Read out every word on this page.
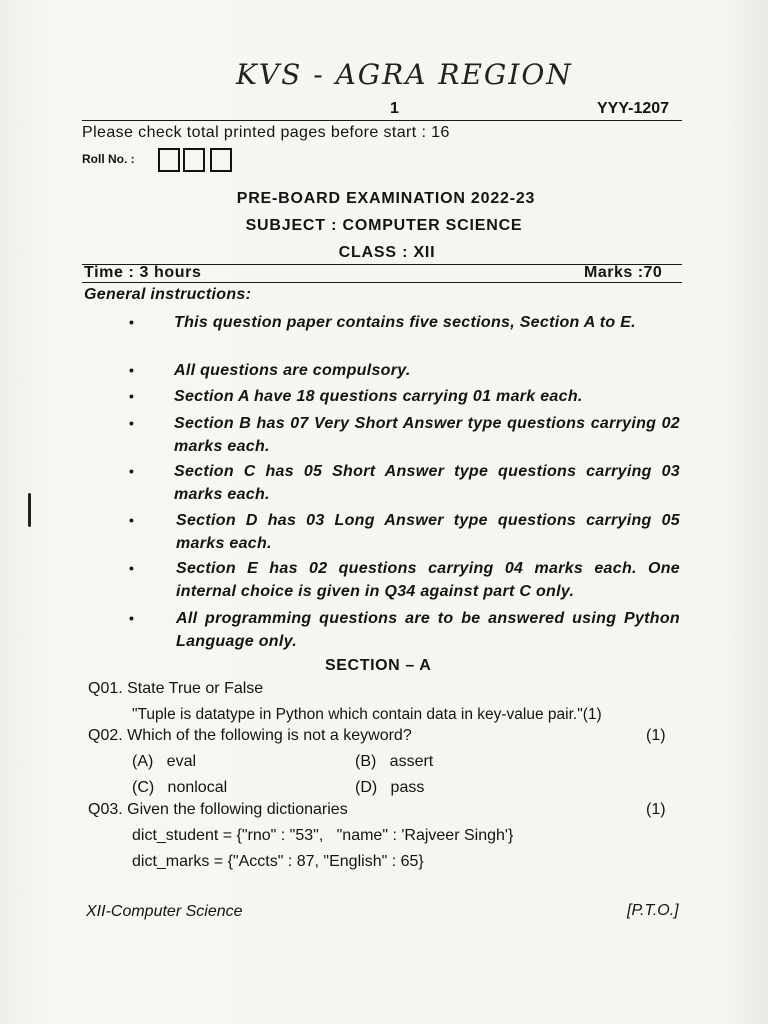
KVS - AGRA REGION
1	YYY-1207
Please check total printed pages before start : 16
Roll No. :
PRE-BOARD EXAMINATION 2022-23
SUBJECT : COMPUTER SCIENCE
CLASS : XII
Time : 3 hours	Marks :70
General instructions:
•	This question paper contains five sections, Section A to E.
•	All questions are compulsory.
•	Section A have 18 questions carrying 01 mark each.
•	Section B has 07 Very Short Answer type questions carrying 02 marks each.
•	Section C has 05 Short Answer type questions carrying 03 marks each.
•	Section D has 03 Long Answer type questions carrying 05 marks each.
•	Section E has 02 questions carrying 04 marks each. One internal choice is given in Q34 against part C only.
•	All programming questions are to be answered using Python Language only.
SECTION – A
Q01. State True or False
"Tuple is datatype in Python which contain data in key-value pair."(1)
Q02. Which of the following is not a keyword?	(1)
(A)   eval	(B)   assert
(C)   nonlocal	(D)   pass
Q03. Given the following dictionaries	(1)
dict_student = {"rno" : "53",   "name" : 'Rajveer Singh'}
dict_marks = {"Accts" : 87, "English" : 65}
XII-Computer Science	[P.T.O.]
